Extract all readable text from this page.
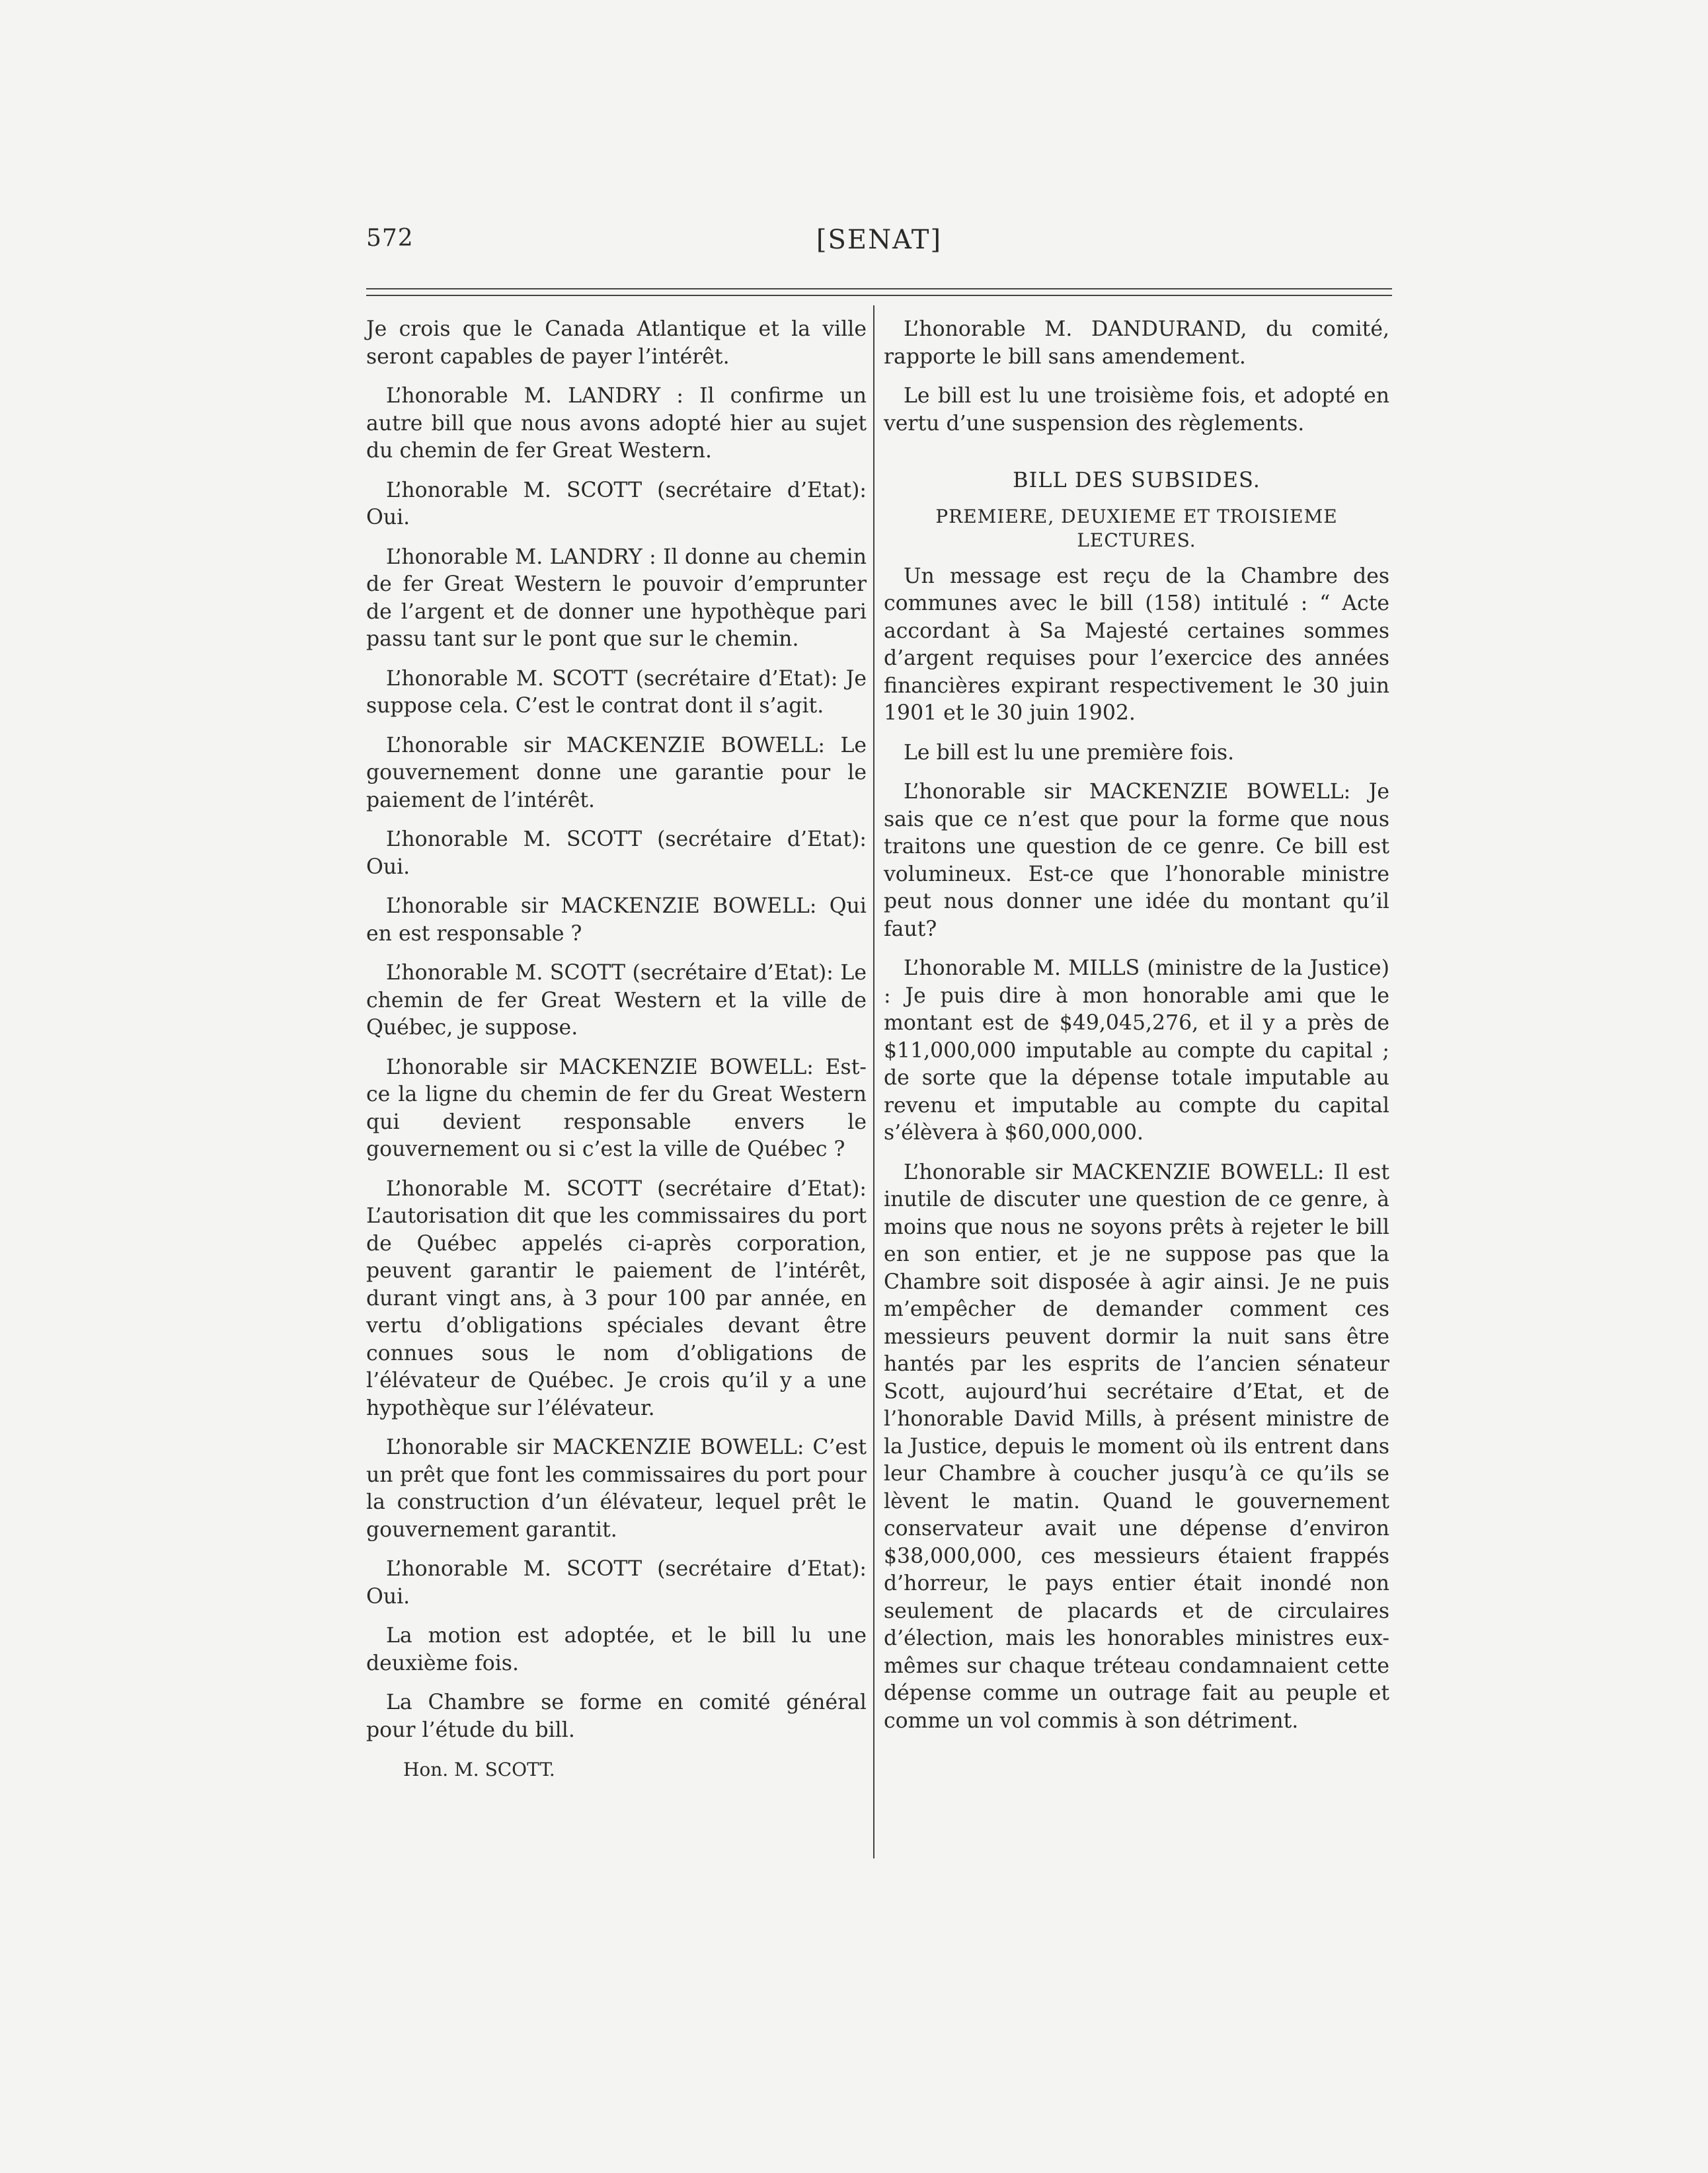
572	[SENAT]

Je crois que le Canada Atlantique et la ville seront capables de payer l’intérêt.

L’honorable M. LANDRY : Il confirme un autre bill que nous avons adopté hier au sujet du chemin de fer Great Western.

L’honorable M. SCOTT (secrétaire d’Etat): Oui.

L’honorable M. LANDRY : Il donne au chemin de fer Great Western le pouvoir d’emprunter de l’argent et de donner une hypothèque pari passu tant sur le pont que sur le chemin.

L’honorable M. SCOTT (secrétaire d’Etat): Je suppose cela. C’est le contrat dont il s’agit.

L’honorable sir MACKENZIE BOWELL: Le gouvernement donne une garantie pour le paiement de l’intérêt.

L’honorable M. SCOTT (secrétaire d’Etat): Oui.

L’honorable sir MACKENZIE BOWELL: Qui en est responsable ?

L’honorable M. SCOTT (secrétaire d’Etat): Le chemin de fer Great Western et la ville de Québec, je suppose.

L’honorable sir MACKENZIE BOWELL: Est-ce la ligne du chemin de fer du Great Western qui devient responsable envers le gouvernement ou si c’est la ville de Québec ?

L’honorable M. SCOTT (secrétaire d’Etat): L’autorisation dit que les commissaires du port de Québec appelés ci-après corporation, peuvent garantir le paiement de l’intérêt, durant vingt ans, à 3 pour 100 par année, en vertu d’obligations spéciales devant être connues sous le nom d’obligations de l’élévateur de Québec. Je crois qu’il y a une hypothèque sur l’élévateur.

L’honorable sir MACKENZIE BOWELL: C’est un prêt que font les commissaires du port pour la construction d’un élévateur, lequel prêt le gouvernement garantit.

L’honorable M. SCOTT (secrétaire d’Etat): Oui.

La motion est adoptée, et le bill lu une deuxième fois.

La Chambre se forme en comité général pour l’étude du bill.

Hon. M. SCOTT.

L’honorable M. DANDURAND, du comité, rapporte le bill sans amendement.

Le bill est lu une troisième fois, et adopté en vertu d’une suspension des règlements.

BILL DES SUBSIDES.
PREMIERE, DEUXIEME ET TROISIEME LECTURES.

Un message est reçu de la Chambre des communes avec le bill (158) intitulé : “ Acte accordant à Sa Majesté certaines sommes d’argent requises pour l’exercice des années financières expirant respectivement le 30 juin 1901 et le 30 juin 1902.

Le bill est lu une première fois.

L’honorable sir MACKENZIE BOWELL: Je sais que ce n’est que pour la forme que nous traitons une question de ce genre. Ce bill est volumineux. Est-ce que l’honorable ministre peut nous donner une idée du montant qu’il faut?

L’honorable M. MILLS (ministre de la Justice) : Je puis dire à mon honorable ami que le montant est de $49,045,276, et il y a près de $11,000,000 imputable au compte du capital ; de sorte que la dépense totale imputable au revenu et imputable au compte du capital s’élèvera à $60,000,000.

L’honorable sir MACKENZIE BOWELL: Il est inutile de discuter une question de ce genre, à moins que nous ne soyons prêts à rejeter le bill en son entier, et je ne suppose pas que la Chambre soit disposée à agir ainsi. Je ne puis m’empêcher de demander comment ces messieurs peuvent dormir la nuit sans être hantés par les esprits de l’ancien sénateur Scott, aujourd’hui secrétaire d’Etat, et de l’honorable David Mills, à présent ministre de la Justice, depuis le moment où ils entrent dans leur Chambre à coucher jusqu’à ce qu’ils se lèvent le matin. Quand le gouvernement conservateur avait une dépense d’environ $38,000,000, ces messieurs étaient frappés d’horreur, le pays entier était inondé non seulement de placards et de circulaires d’élection, mais les honorables ministres eux-mêmes sur chaque tréteau condamnaient cette dépense comme un outrage fait au peuple et comme un vol commis à son détriment.
